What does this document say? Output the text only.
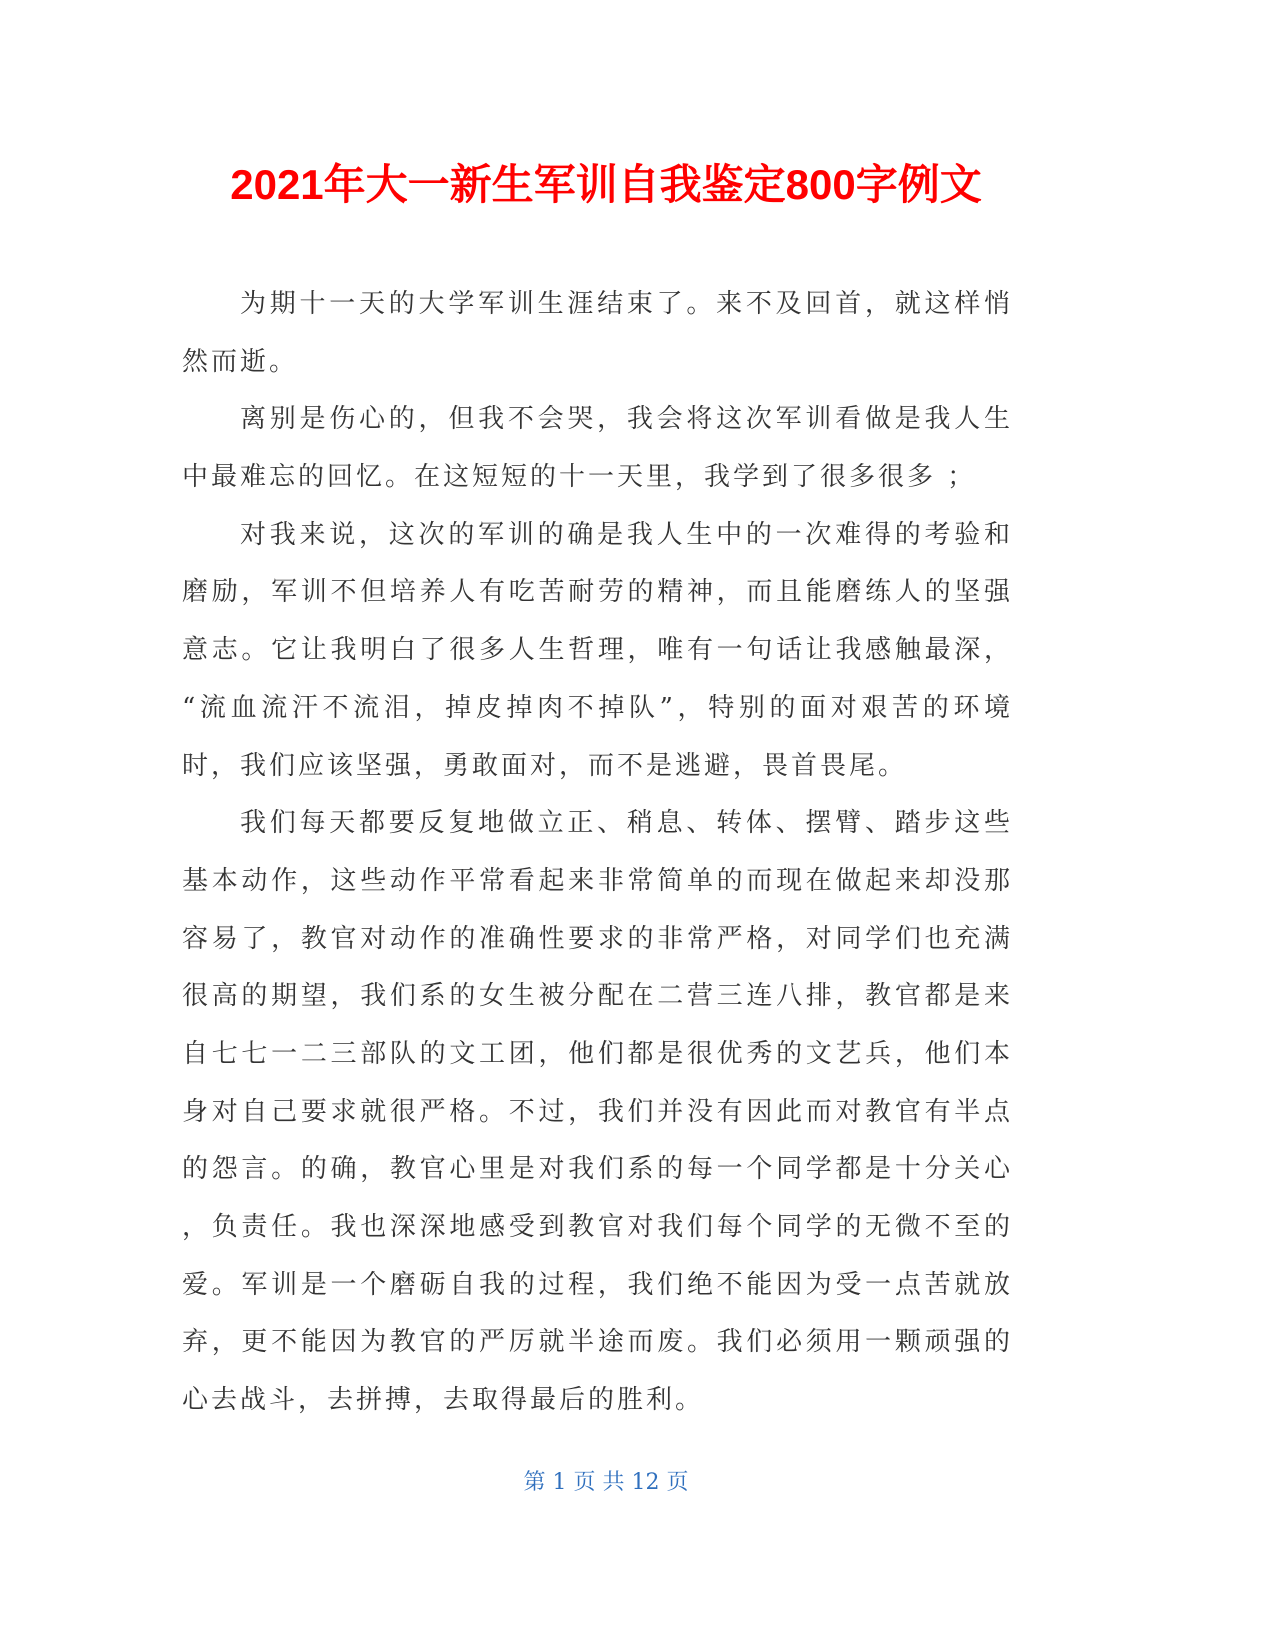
2021年大一新生军训自我鉴定800字例文
为期十一天的大学军训生涯结束了。来不及回首，就这样悄
然而逝。
离别是伤心的，但我不会哭，我会将这次军训看做是我人生
中最难忘的回忆。在这短短的十一天里，我学到了很多很多 ；
对我来说，这次的军训的确是我人生中的一次难得的考验和
磨励，军训不但培养人有吃苦耐劳的精神，而且能磨练人的坚强
意志。它让我明白了很多人生哲理，唯有一句话让我感触最深，
“流血流汗不流泪，掉皮掉肉不掉队”，特别的面对艰苦的环境
时，我们应该坚强，勇敢面对，而不是逃避，畏首畏尾。
我们每天都要反复地做立正、稍息、转体、摆臂、踏步这些
基本动作，这些动作平常看起来非常简单的而现在做起来却没那
容易了，教官对动作的准确性要求的非常严格，对同学们也充满
很高的期望，我们系的女生被分配在二营三连八排，教官都是来
自七七一二三部队的文工团，他们都是很优秀的文艺兵，他们本
身对自己要求就很严格。不过，我们并没有因此而对教官有半点
的怨言。的确，教官心里是对我们系的每一个同学都是十分关心
，负责任。我也深深地感受到教官对我们每个同学的无微不至的
爱。军训是一个磨砺自我的过程，我们绝不能因为受一点苦就放
弃，更不能因为教官的严厉就半途而废。我们必须用一颗顽强的
心去战斗，去拼搏，去取得最后的胜利。
第 1 页 共 12 页
